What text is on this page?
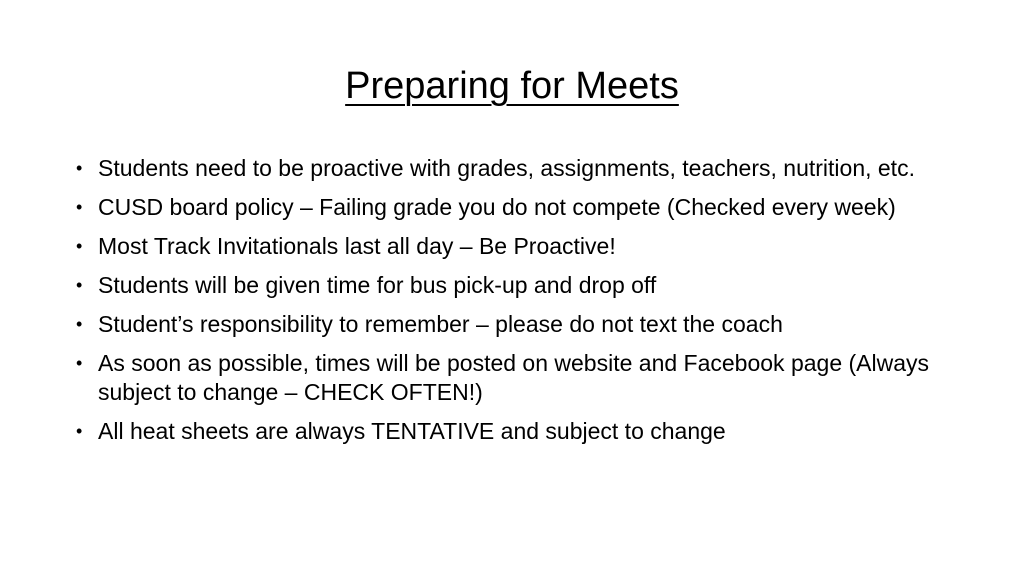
Preparing for Meets
• Students need to be proactive with grades, assignments, teachers, nutrition, etc.
• CUSD board policy – Failing grade you do not compete (Checked every week)
• Most Track Invitationals last all day – Be Proactive!
• Students will be given time for bus pick-up and drop off
• Student’s responsibility to remember – please do not text the coach
• As soon as possible, times will be posted on website and Facebook page (Always subject to change – CHECK OFTEN!)
• All heat sheets are always TENTATIVE and subject to change
